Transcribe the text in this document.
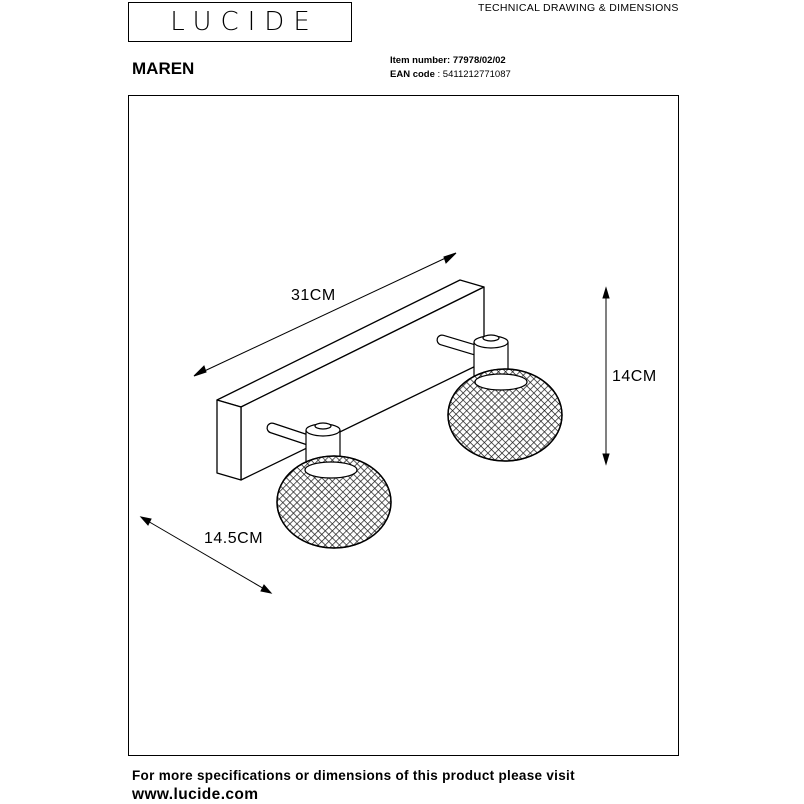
LUCIDE	TECHNICAL DRAWING & DIMENSIONS
MAREN	Item number: 77978/02/02
EAN code : 5411212771087
31CM
14CM
14.5CM
For more specifications or dimensions of this product please visit
www.lucide.com
